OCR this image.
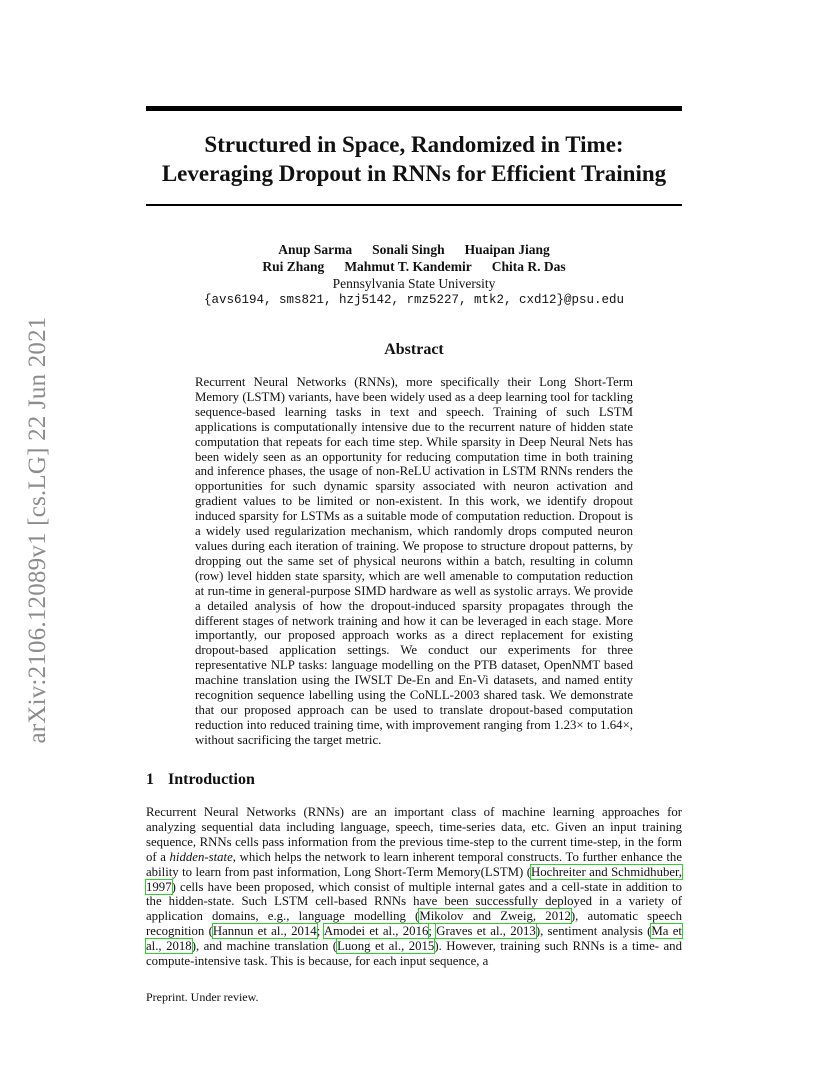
arXiv:2106.12089v1 [cs.LG] 22 Jun 2021
Structured in Space, Randomized in Time:
Leveraging Dropout in RNNs for Efficient Training
Anup Sarma Sonali Singh Huaipan Jiang
Rui Zhang Mahmut T. Kandemir Chita R. Das
Pennsylvania State University
{avs6194, sms821, hzj5142, rmz5227, mtk2, cxd12}@psu.edu
Abstract
Recurrent Neural Networks (RNNs), more specifically their Long Short-Term Memory (LSTM) variants, have been widely used as a deep learning tool for tackling sequence-based learning tasks in text and speech. Training of such LSTM applications is computationally intensive due to the recurrent nature of hidden state computation that repeats for each time step. While sparsity in Deep Neural Nets has been widely seen as an opportunity for reducing computation time in both training and inference phases, the usage of non-ReLU activation in LSTM RNNs renders the opportunities for such dynamic sparsity associated with neuron activation and gradient values to be limited or non-existent. In this work, we identify dropout induced sparsity for LSTMs as a suitable mode of computation reduction. Dropout is a widely used regularization mechanism, which randomly drops computed neuron values during each iteration of training. We propose to structure dropout patterns, by dropping out the same set of physical neurons within a batch, resulting in column (row) level hidden state sparsity, which are well amenable to computation reduction at run-time in general-purpose SIMD hardware as well as systolic arrays. We provide a detailed analysis of how the dropout-induced sparsity propagates through the different stages of network training and how it can be leveraged in each stage. More importantly, our proposed approach works as a direct replacement for existing dropout-based application settings. We conduct our experiments for three representative NLP tasks: language modelling on the PTB dataset, OpenNMT based machine translation using the IWSLT De-En and En-Vi datasets, and named entity recognition sequence labelling using the CoNLL-2003 shared task. We demonstrate that our proposed approach can be used to translate dropout-based computation reduction into reduced training time, with improvement ranging from 1.23× to 1.64×, without sacrificing the target metric.
1 Introduction
Recurrent Neural Networks (RNNs) are an important class of machine learning approaches for analyzing sequential data including language, speech, time-series data, etc. Given an input training sequence, RNNs cells pass information from the previous time-step to the current time-step, in the form of a hidden-state, which helps the network to learn inherent temporal constructs. To further enhance the ability to learn from past information, Long Short-Term Memory(LSTM) (Hochreiter and Schmidhuber, 1997) cells have been proposed, which consist of multiple internal gates and a cell-state in addition to the hidden-state. Such LSTM cell-based RNNs have been successfully deployed in a variety of application domains, e.g., language modelling (Mikolov and Zweig, 2012), automatic speech recognition (Hannun et al., 2014; Amodei et al., 2016; Graves et al., 2013), sentiment analysis (Ma et al., 2018), and machine translation (Luong et al., 2015). However, training such RNNs is a time- and compute-intensive task. This is because, for each input sequence, a
Preprint. Under review.
